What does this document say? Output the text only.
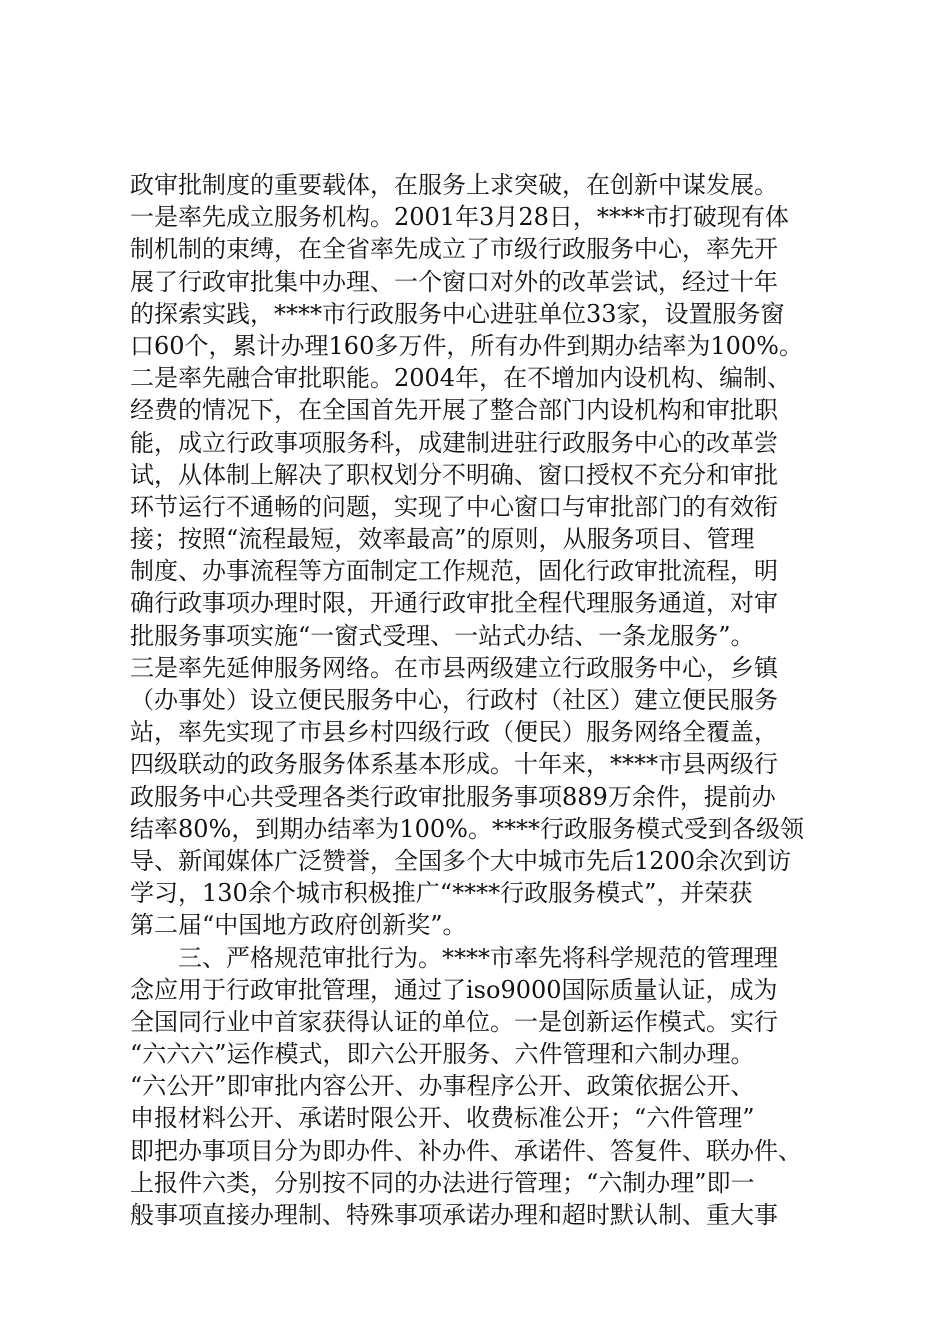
政审批制度的重要载体，在服务上求突破，在创新中谋发展。
一是率先成立服务机构。2001年3月28日，****市打破现有体
制机制的束缚，在全省率先成立了市级行政服务中心，率先开
展了行政审批集中办理、一个窗口对外的改革尝试，经过十年
的探索实践，****市行政服务中心进驻单位33家，设置服务窗
口60个，累计办理160多万件，所有办件到期办结率为100%。
二是率先融合审批职能。2004年，在不增加内设机构、编制、
经费的情况下，在全国首先开展了整合部门内设机构和审批职
能，成立行政事项服务科，成建制进驻行政服务中心的改革尝
试，从体制上解决了职权划分不明确、窗口授权不充分和审批
环节运行不通畅的问题，实现了中心窗口与审批部门的有效衔
接；按照“流程最短，效率最高”的原则，从服务项目、管理
制度、办事流程等方面制定工作规范，固化行政审批流程，明
确行政事项办理时限，开通行政审批全程代理服务通道，对审
批服务事项实施“一窗式受理、一站式办结、一条龙服务”。
三是率先延伸服务网络。在市县两级建立行政服务中心，乡镇
（办事处）设立便民服务中心，行政村（社区）建立便民服务
站，率先实现了市县乡村四级行政（便民）服务网络全覆盖，
四级联动的政务服务体系基本形成。十年来，****市县两级行
政服务中心共受理各类行政审批服务事项889万余件，提前办
结率80%，到期办结率为100%。****行政服务模式受到各级领
导、新闻媒体广泛赞誉，全国多个大中城市先后1200余次到访
学习，130余个城市积极推广“****行政服务模式”，并荣获
第二届“中国地方政府创新奖”。
　　三、严格规范审批行为。****市率先将科学规范的管理理
念应用于行政审批管理，通过了iso9000国际质量认证，成为
全国同行业中首家获得认证的单位。一是创新运作模式。实行
“六六六”运作模式，即六公开服务、六件管理和六制办理。
“六公开”即审批内容公开、办事程序公开、政策依据公开、
申报材料公开、承诺时限公开、收费标准公开；“六件管理”
即把办事项目分为即办件、补办件、承诺件、答复件、联办件、
上报件六类，分别按不同的办法进行管理；“六制办理”即一
般事项直接办理制、特殊事项承诺办理和超时默认制、重大事
